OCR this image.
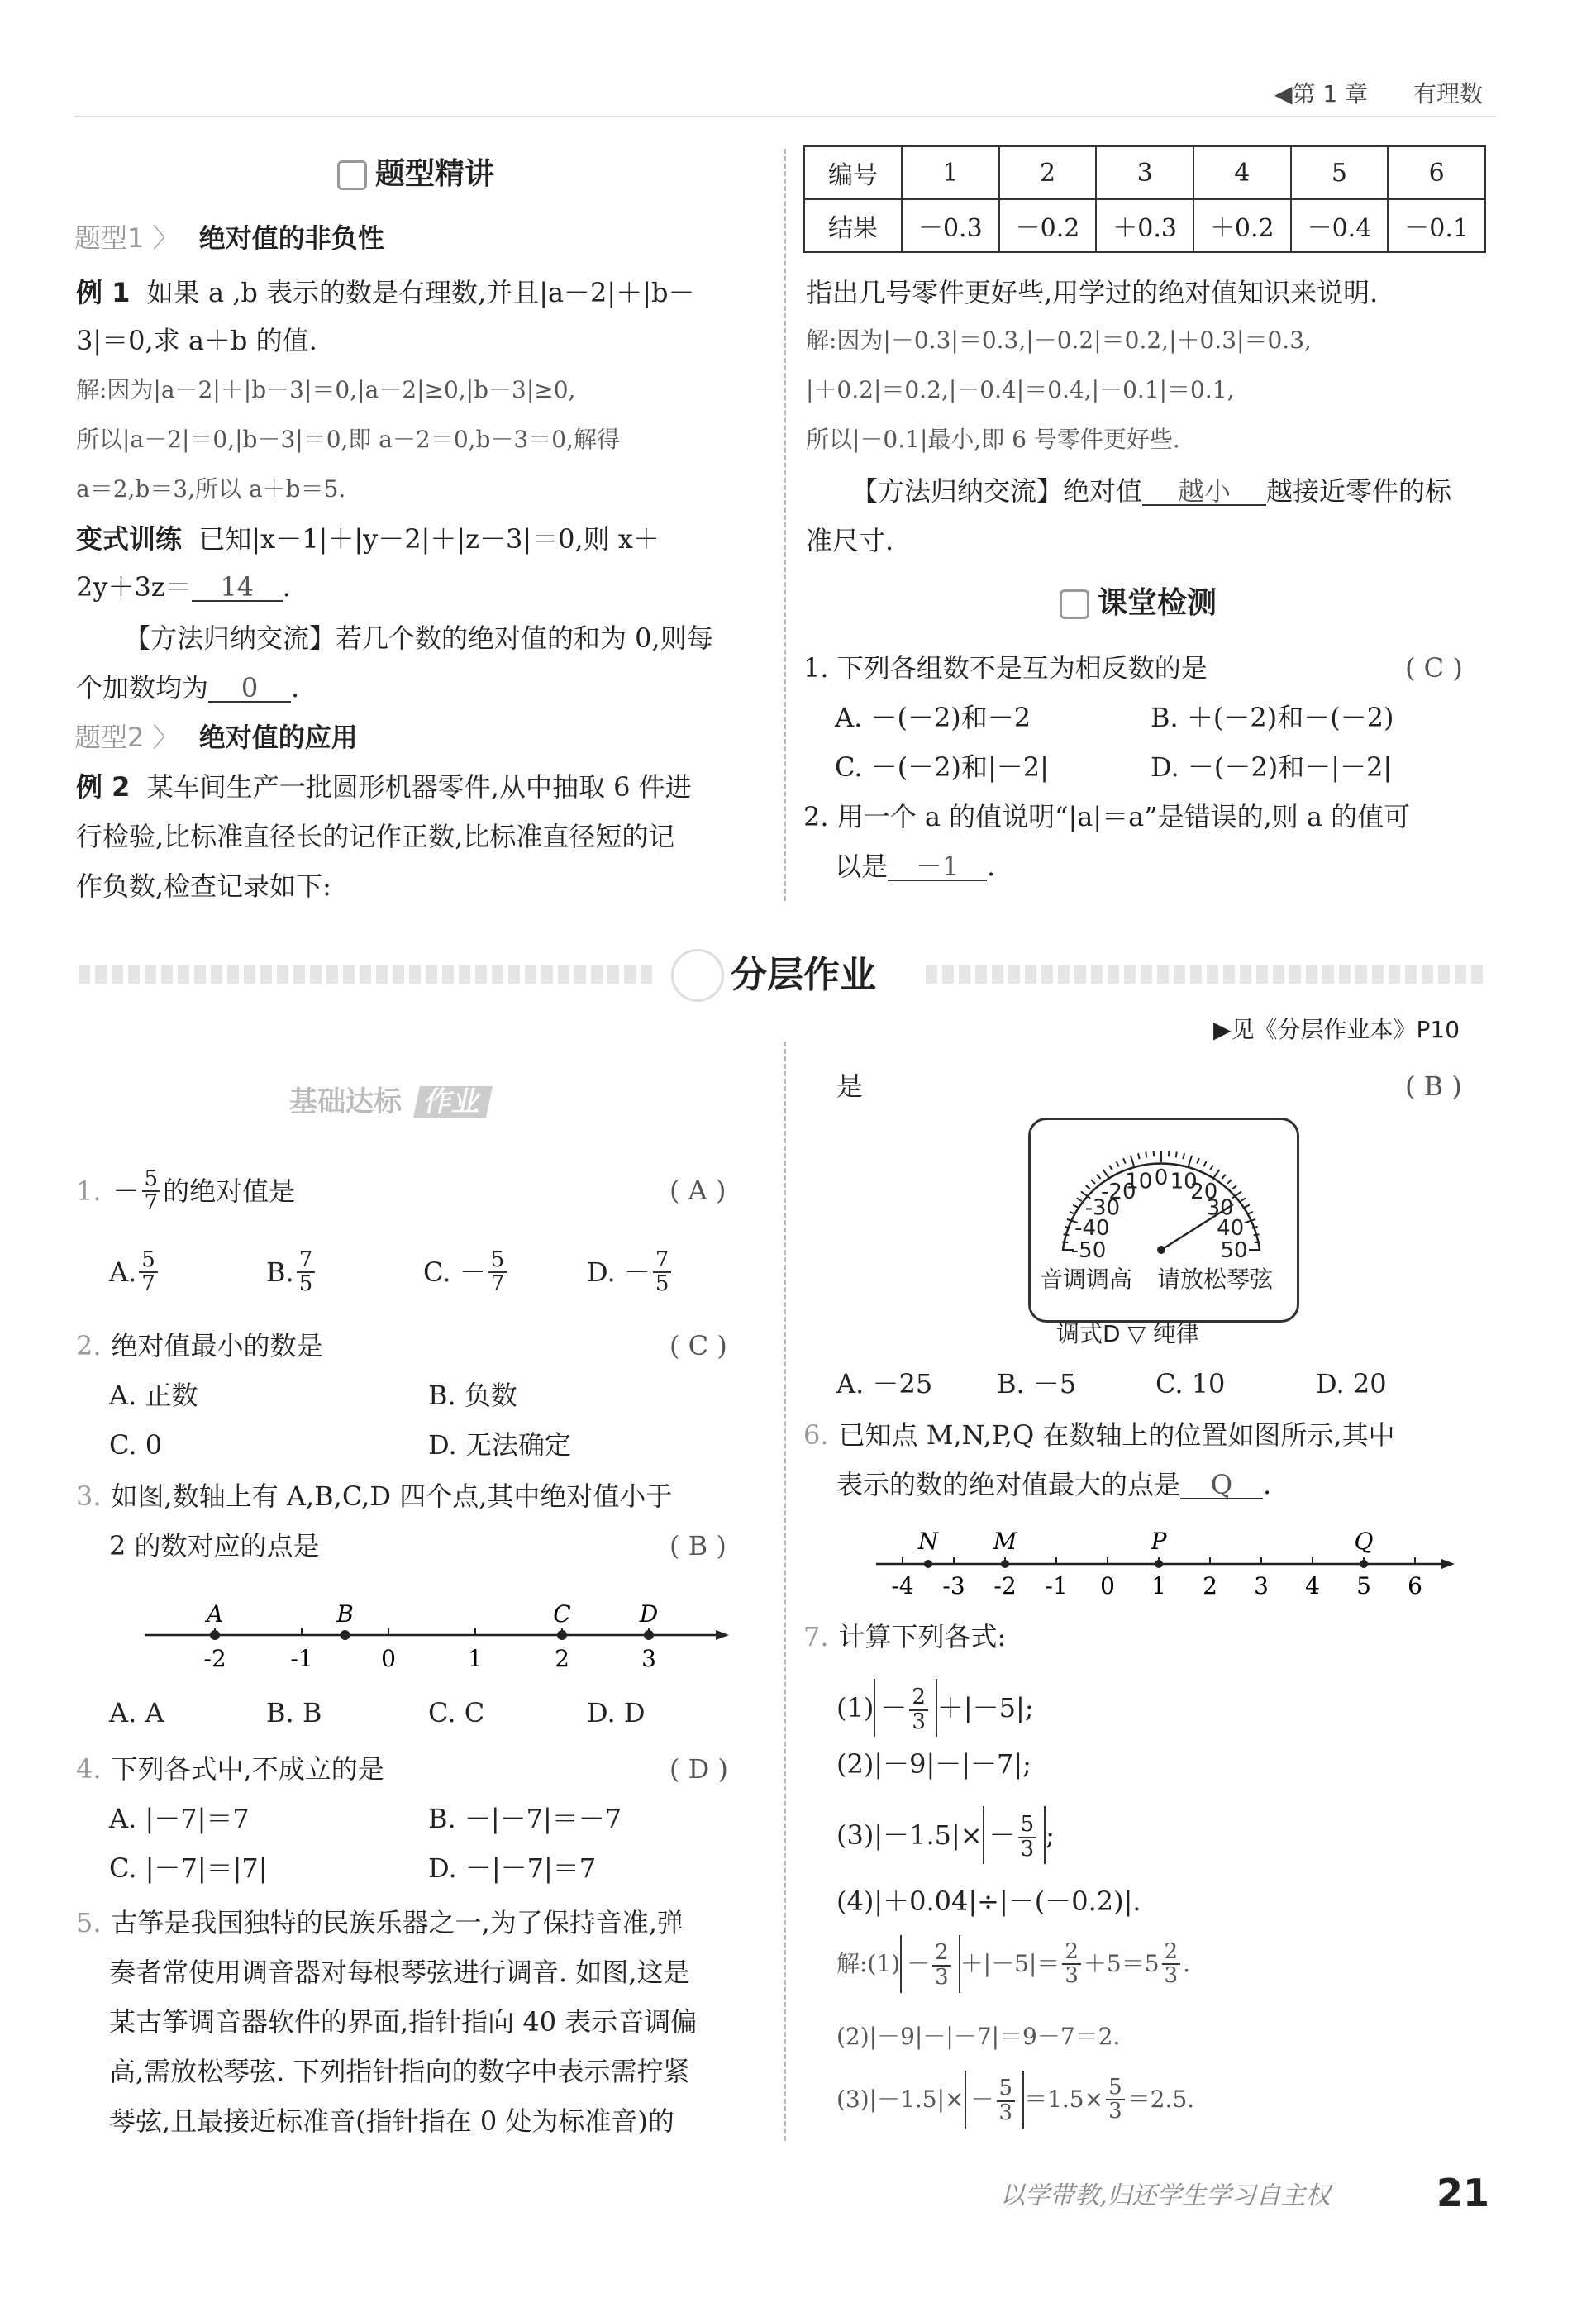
◀第 1 章 有理数
题型精讲
题型1 〉 绝对值的非负性
例 1 如果 a ,b 表示的数是有理数,并且|a－2|＋|b－
3|＝0,求 a＋b 的值.
解:因为|a－2|＋|b－3|＝0,|a－2|≥0,|b－3|≥0,
所以|a－2|＝0,|b－3|＝0,即 a－2＝0,b－3＝0,解得
a＝2,b＝3,所以 a＋b＝5.
变式训练 已知|x－1|＋|y－2|＋|z－3|＝0,则 x＋
2y＋3z＝ 14 .
【方法归纳交流】若几个数的绝对值的和为 0,则每
个加数均为 0 .
题型2 〉 绝对值的应用
例 2 某车间生产一批圆形机器零件,从中抽取 6 件进
行检验,比标准直径长的记作正数,比标准直径短的记
作负数,检查记录如下:
编号	1	2	3	4	5	6
结果	－0.3	－0.2	＋0.3	＋0.2	－0.4	－0.1
指出几号零件更好些,用学过的绝对值知识来说明.
解:因为|－0.3|＝0.3,|－0.2|＝0.2,|＋0.3|＝0.3,
|＋0.2|＝0.2,|－0.4|＝0.4,|－0.1|＝0.1,
所以|－0.1|最小,即 6 号零件更好些.
【方法归纳交流】绝对值 越小 越接近零件的标
准尺寸.
课堂检测
1. 下列各组数不是互为相反数的是	( C )
A. －(－2)和－2	B. ＋(－2)和－(－2)
C. －(－2)和|－2|	D. －(－2)和－|－2|
2. 用一个 a 的值说明“|a|＝a”是错误的,则 a 的值可
以是 －1 .
分层作业
▶见《分层作业本》P10
基础达标 作业
1. － $\frac{5}{7}$ 的绝对值是	( A )
A. $\frac{5}{7}$	B. $\frac{7}{5}$	C. － $\frac{5}{7}$	D. － $\frac{7}{5}$
2. 绝对值最小的数是	( C )
A. 正数	B. 负数
C. 0	D. 无法确定
3. 如图,数轴上有 A,B,C,D 四个点,其中绝对值小于
2 的数对应的点是	( B )
-2	-1	0	1	2	3
A	B	C	D
A. A	B. B	C. C	D. D
4. 下列各式中,不成立的是	( D )
A. |－7|＝7	B. －|－7|＝－7
C. |－7|＝|7|	D. －|－7|＝7
5. 古筝是我国独特的民族乐器之一,为了保持音准,弹
奏者常使用调音器对每根琴弦进行调音. 如图,这是
某古筝调音器软件的界面,指针指向 40 表示音调偏
高,需放松琴弦. 下列指针指向的数字中表示需拧紧
琴弦,且最接近标准音(指针指在 0 处为标准音)的
是	( B )
-50
-40
-30
-20
10 0 10
20
30
40
50
音调调高 请放松琴弦
调式D ▽ 纯律
A. －25 B. －5	C. 10	D. 20
6. 已知点 M,N,P,Q 在数轴上的位置如图所示,其中
表示的数的绝对值最大的点是 Q .
-4 -3 -2 -1 0 1 2 3 4 5 6
N M	P	Q
7. 计算下列各式:
$(1) - \frac{2}{3} +|-5|$;
(2)|－9|－|－7|;
$(3)|-1.5|\times - \frac{5}{3}$ ;
(4)|＋0.04|÷|－(－0.2)|.
解:(1) － $\frac{2}{3} +|-5|= \frac{2}{3} +5=5 \frac{2}{3}$ .
(2)|－9|－|－7|＝9－7＝2.
$(3)|-1.5|\times - \frac{5}{3} =1.5\times \frac{5}{3} =2.5$.
以学带教,归还学生学习自主权	21
